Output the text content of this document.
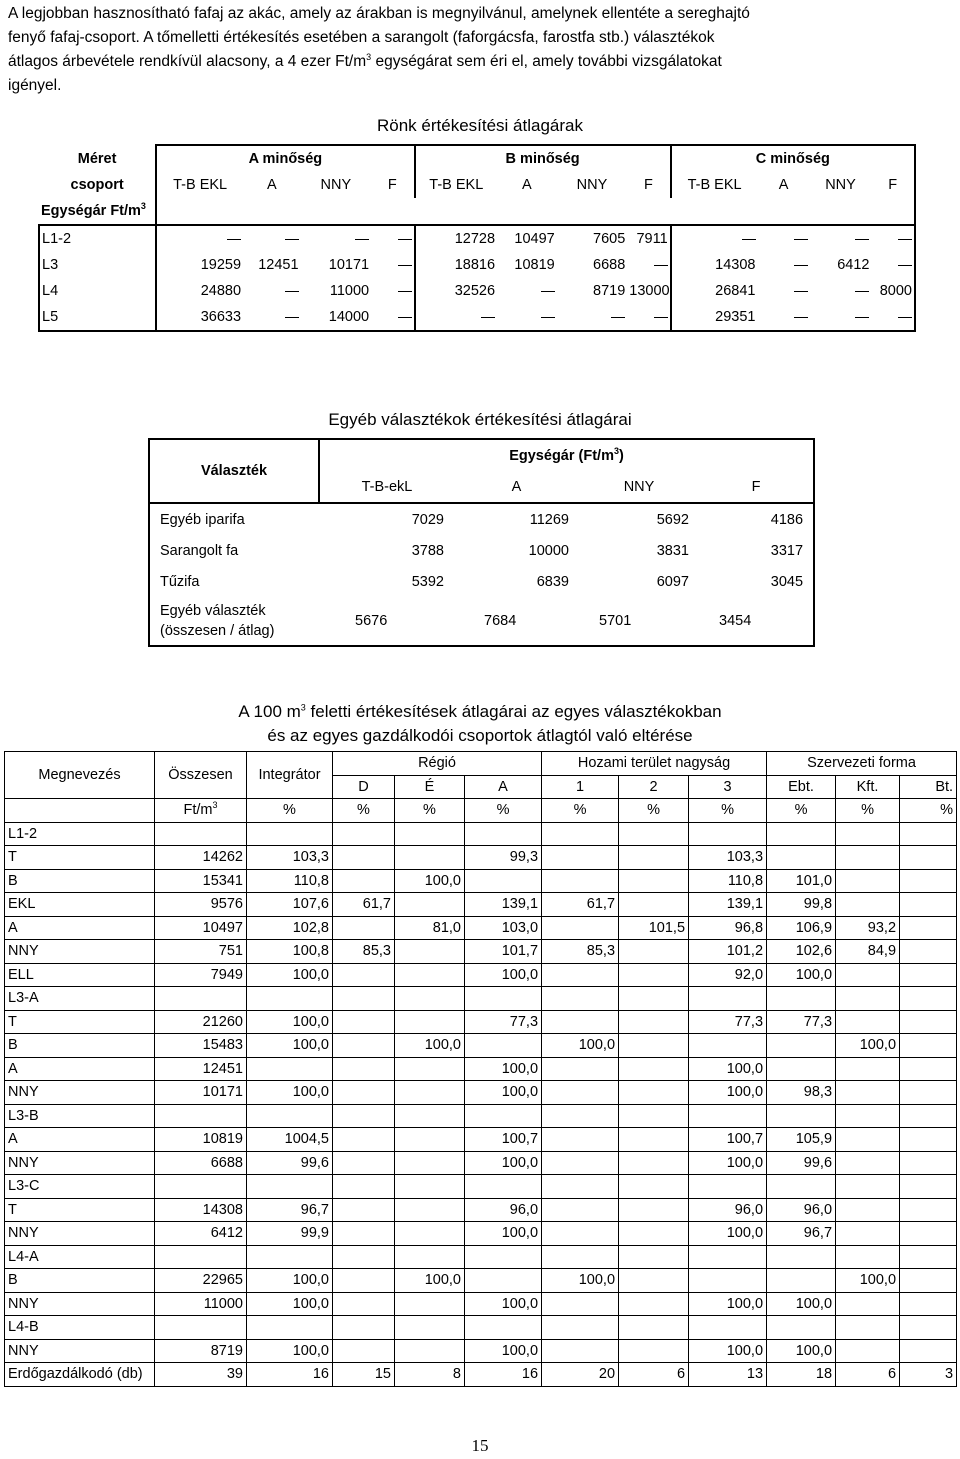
A legjobban hasznosítható fafaj az akác, amely az árakban is megnyilvánul, amelynek ellentéte a sereghajtó
fenyő fafaj-csoport. A tőmelletti értékesítés esetében a sarangolt (faforgácsfa, farostfa stb.) választékok
átlagos árbevétele rendkívül alacsony, a 4 ezer $Ft/m^3$ egységárat sem éri el, amely további vizsgálatokat
igényel.
Rönk értékesítési átlagárak
Méret	A minőség				B minőség				C minőség			
csoport	T-B EKL	A	NNY	F	T-B EKL	A	NNY	F	T-B EKL	A	NNY	F
Egységár $Ft/m^3$	
L1-2					12728	10497	7605	7911				
L3	19259	12451	10171		18816	10819	6688		14308		6412	
L4	24880		11000		32526		8719	13000	26841			8000
L5	36633		14000						29351			
Egyéb választékok értékesítési átlagárai
Választék	Egységár $(Ft/m^3)$			
	T-B-ekL	A	NNY	F
Egyéb iparifa	7029	11269	5692	4186
Sarangolt fa	3788	10000	3831	3317
Tűzifa	5392	6839	6097	3045

Egyéb választék
(összesen / átlag)	5676	7684	5701	3454
A 100 $m^3$ feletti értékesítések átlagárai az egyes választékokban
és az egyes gazdálkodói csoportok átlagtól való eltérése
Megnevezés	Összesen	Integrátor	Régió			Hozami terület nagyság			Szervezeti forma		
			D	É	A	1	2	3	Ebt.	Kft.	Bt.
	$Ft/m^3$	%	%	%	%	%	%	%	%	%	%
L1-2											
T	14262	103,3			99,3			103,3			
B	15341	110,8		100,0				110,8	101,0		
EKL	9576	107,6	61,7		139,1	61,7		139,1	99,8		
A	10497	102,8		81,0	103,0		101,5	96,8	106,9	93,2	
NNY	751	100,8	85,3		101,7	85,3		101,2	102,6	84,9	
ELL	7949	100,0			100,0			92,0	100,0		
L3-A											
T	21260	100,0			77,3			77,3	77,3		
B	15483	100,0		100,0		100,0				100,0	
A	12451				100,0			100,0			
NNY	10171	100,0			100,0			100,0	98,3		
L3-B											
A	10819	1004,5			100,7			100,7	105,9		
NNY	6688	99,6			100,0			100,0	99,6		
L3-C											
T	14308	96,7			96,0			96,0	96,0		
NNY	6412	99,9			100,0			100,0	96,7		
L4-A											
B	22965	100,0		100,0		100,0				100,0	
NNY	11000	100,0			100,0			100,0	100,0		
L4-B											
NNY	8719	100,0			100,0			100,0	100,0		
Erdőgazdálkodó (db)	39	16	15	8	16	20	6	13	18	6	3
15
